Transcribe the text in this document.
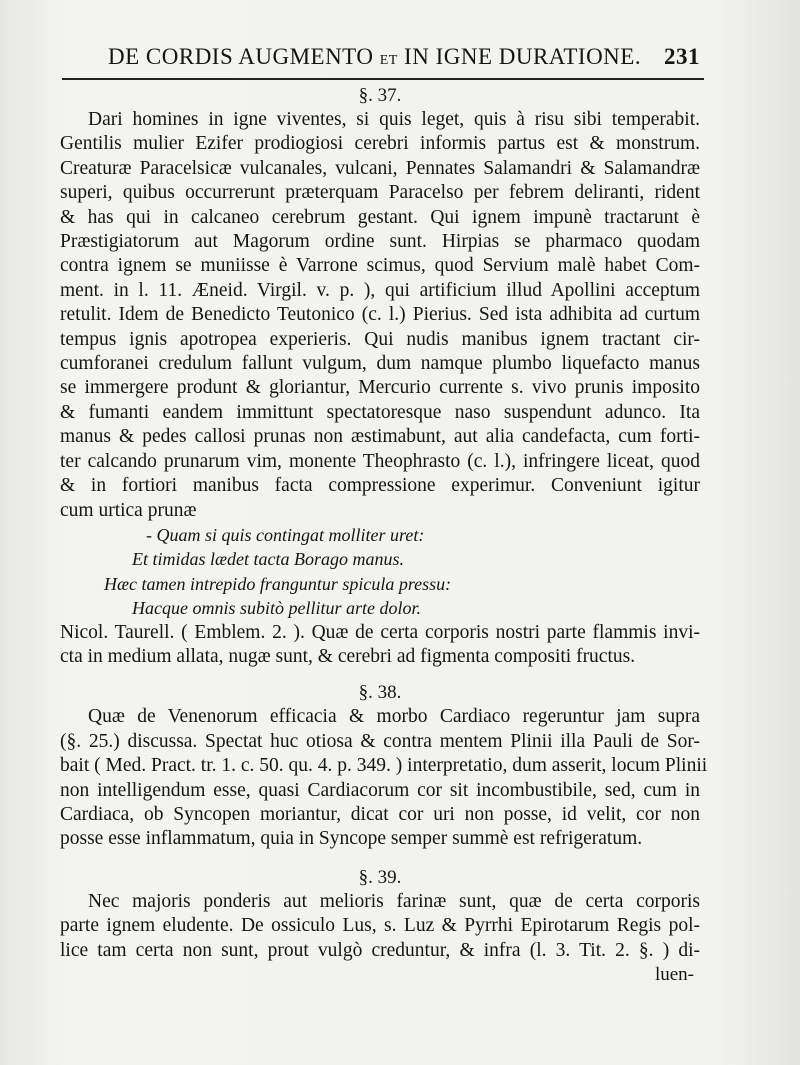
DE CORDIS AUGMENTO ET IN IGNE DURATIONE. 231

§. 37.

Dari homines in igne viventes, si quis leget, quis à risu sibi temperabit.

Gentilis mulier Ezifer prodiogiosi cerebri informis partus est & monstrum.

Creaturæ Paracelsicæ vulcanales, vulcani, Pennates Salamandri & Salamandræ

superi, quibus occurrerunt præterquam Paracelso per febrem deliranti, rident

& has qui in calcaneo cerebrum gestant. Qui ignem impunè tractarunt è

Præstigiatorum aut Magorum ordine sunt. Hirpias se pharmaco quodam

contra ignem se muniisse è Varrone scimus, quod Servium malè habet Com-

ment. in l. 11. Æneid. Virgil. v. p. ), qui artificium illud Apollini acceptum

retulit. Idem de Benedicto Teutonico (c. l.) Pierius. Sed ista adhibita ad curtum

tempus ignis apotropea experieris. Qui nudis manibus ignem tractant cir-

cumforanei credulum fallunt vulgum, dum namque plumbo liquefacto manus

se immergere produnt & gloriantur, Mercurio currente s. vivo prunis imposito

& fumanti eandem immittunt spectatoresque naso suspendunt adunco. Ita

manus & pedes callosi prunas non æstimabunt, aut alia candefacta, cum forti-

ter calcando prunarum vim, monente Theophrasto (c. l.), infringere liceat, quod

& in fortiori manibus facta compressione experimur. Conveniunt igitur

cum urtica prunæ

- Quam si quis contingat molliter uret:

Et timidas lædet tacta Borago manus.

Hæc tamen intrepido franguntur spicula pressu:

Hacque omnis subitò pellitur arte dolor.

Nicol. Taurell. ( Emblem. 2. ). Quæ de certa corporis nostri parte flammis invi-

cta in medium allata, nugæ sunt, & cerebri ad figmenta compositi fructus.

§. 38.

Quæ de Venenorum efficacia & morbo Cardiaco regeruntur jam supra

(§. 25.) discussa. Spectat huc otiosa & contra mentem Plinii illa Pauli de Sor-

bait ( Med. Pract. tr. 1. c. 50. qu. 4. p. 349. ) interpretatio, dum asserit, locum Plinii

non intelligendum esse, quasi Cardiacorum cor sit incombustibile, sed, cum in

Cardiaca, ob Syncopen moriantur, dicat cor uri non posse, id velit, cor non

posse esse inflammatum, quia in Syncope semper summè est refrigeratum.

§. 39.

Nec majoris ponderis aut melioris farinæ sunt, quæ de certa corporis

parte ignem eludente. De ossiculo Lus, s. Luz & Pyrrhi Epirotarum Regis pol-

lice tam certa non sunt, prout vulgò creduntur, & infra (l. 3. Tit. 2. §. ) di-

luen-
